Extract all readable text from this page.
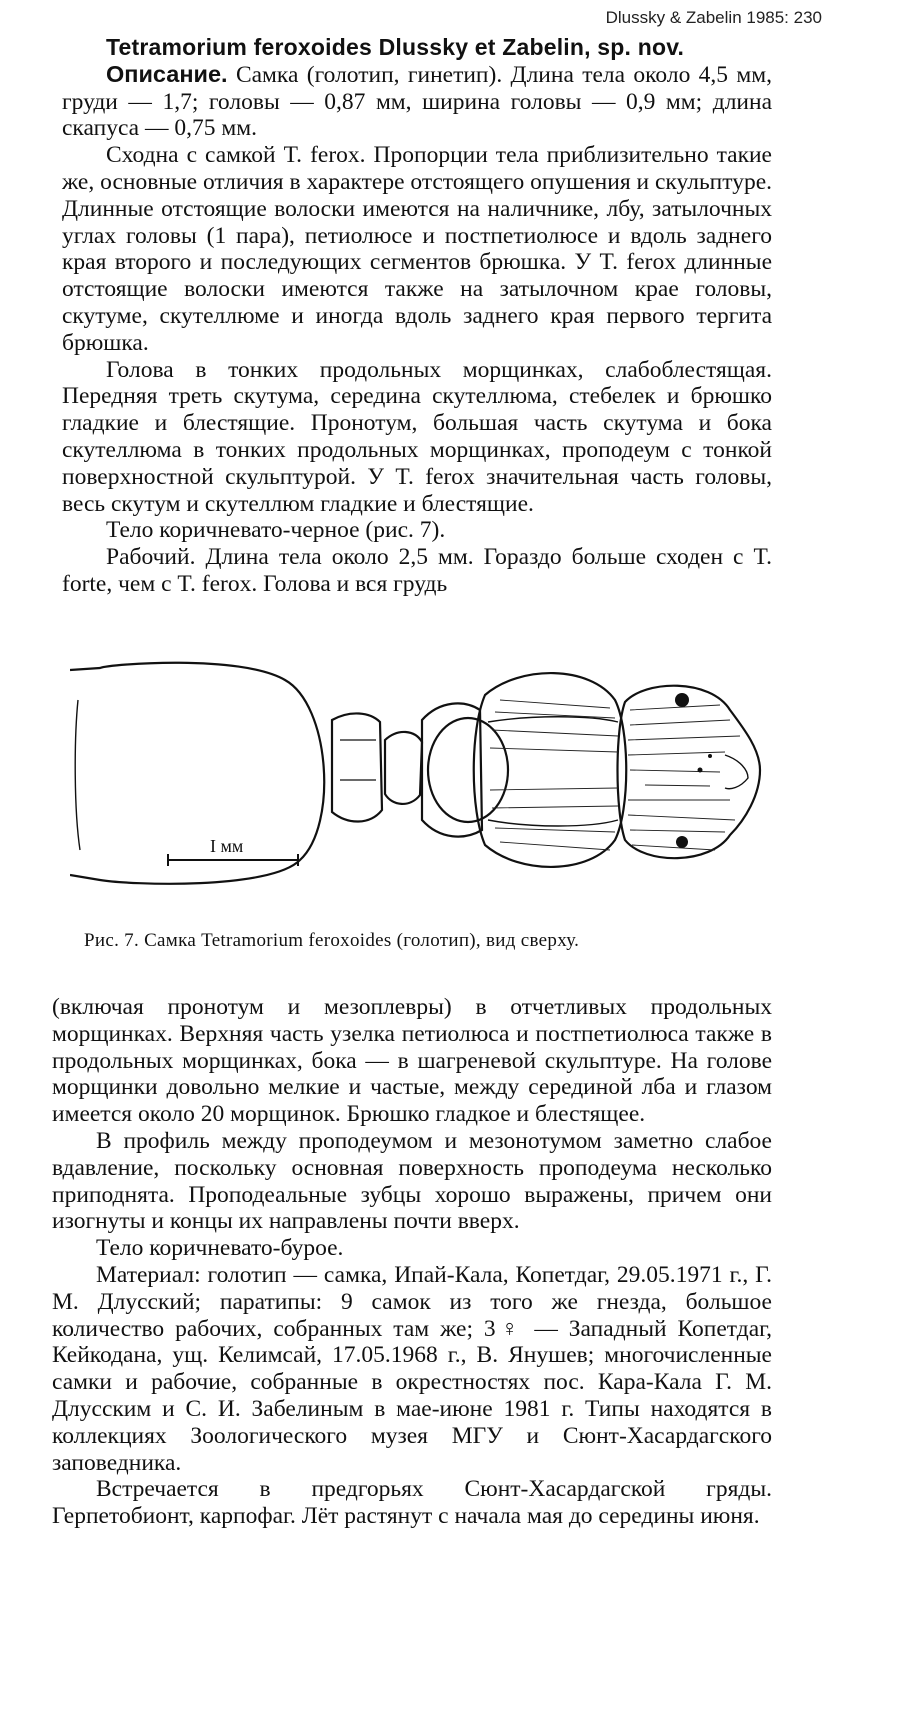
Dlussky & Zabelin 1985: 230

Tetramorium feroxoides Dlussky et Zabelin, sp. nov.

Описание. Самка (голотип, гинетип). Длина тела около 4,5 мм, груди — 1,7; головы — 0,87 мм, ширина головы — 0,9 мм; длина скапуса — 0,75 мм.

Сходна с самкой T. ferox. Пропорции тела приблизительно такие же, основные отличия в характере отстоящего опушения и скульптуре. Длинные отстоящие волоски имеются на наличнике, лбу, затылочных углах головы (1 пара), петиолюсе и постпетиолюсе и вдоль заднего края второго и последующих сегментов брюшка. У T. ferox длинные отстоящие волоски имеются также на затылочном крае головы, скутуме, скутеллюме и иногда вдоль заднего края первого тергита брюшка.

Голова в тонких продольных морщинках, слабоблестящая. Передняя треть скутума, середина скутеллюма, стебелек и брюшко гладкие и блестящие. Пронотум, большая часть скутума и бока скутеллюма в тонких продольных морщинках, проподеум с тонкой поверхностной скульптурой. У T. ferox значительная часть головы, весь скутум и скутеллюм гладкие и блестящие.

Тело коричневато-черное (рис. 7).

Рабочий. Длина тела около 2,5 мм. Гораздо больше сходен с T. forte, чем с T. ferox. Голова и вся грудь

I мм
Рис. 7. Самка Tetramorium feroxoides (голотип), вид сверху.

(включая пронотум и мезоплевры) в отчетливых продольных морщинках. Верхняя часть узелка петиолюса и постпетиолюса также в продольных морщинках, бока — в шагреневой скульптуре. На голове морщинки довольно мелкие и частые, между серединой лба и глазом имеется около 20 морщинок. Брюшко гладкое и блестящее.

В профиль между проподеумом и мезонотумом заметно слабое вдавление, поскольку основная поверхность проподеума несколько приподнята. Проподеальные зубцы хорошо выражены, причем они изогнуты и концы их направлены почти вверх.

Тело коричневато-бурое.

Материал: голотип — самка, Ипай-Кала, Копетдаг, 29.05.1971 г., Г. М. Длусский; паратипы: 9 самок из того же гнезда, большое количество рабочих, собранных там же; 3♀ — Западный Копетдаг, Кейкодана, ущ. Келимсай, 17.05.1968 г., В. Янушев; многочисленные самки и рабочие, собранные в окрестностях пос. Кара-Кала Г. М. Длусским и С. И. Забелиным в мае-июне 1981 г. Типы находятся в коллекциях Зоологического музея МГУ и Сюнт-Хасардагского заповедника.

Встречается в предгорьях Сюнт-Хасардагской гряды. Герпетобионт, карпофаг. Лёт растянут с начала мая до середины июня.
